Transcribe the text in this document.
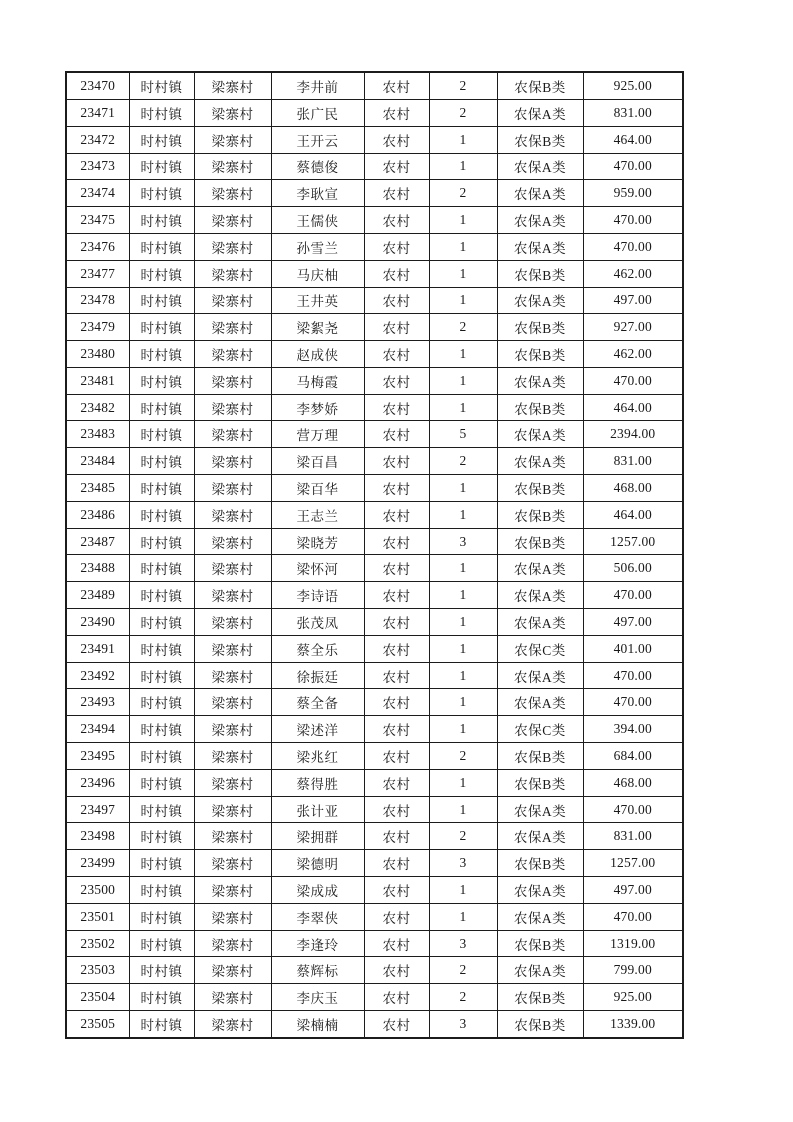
23470	时村镇	梁寨村	李井前	农村	2	农保B类	925.00
23471	时村镇	梁寨村	张广民	农村	2	农保A类	831.00
23472	时村镇	梁寨村	王开云	农村	1	农保B类	464.00
23473	时村镇	梁寨村	蔡德俊	农村	1	农保A类	470.00
23474	时村镇	梁寨村	李耿宣	农村	2	农保A类	959.00
23475	时村镇	梁寨村	王儒侠	农村	1	农保A类	470.00
23476	时村镇	梁寨村	孙雪兰	农村	1	农保A类	470.00
23477	时村镇	梁寨村	马庆柚	农村	1	农保B类	462.00
23478	时村镇	梁寨村	王井英	农村	1	农保A类	497.00
23479	时村镇	梁寨村	梁絮尧	农村	2	农保B类	927.00
23480	时村镇	梁寨村	赵成侠	农村	1	农保B类	462.00
23481	时村镇	梁寨村	马梅霞	农村	1	农保A类	470.00
23482	时村镇	梁寨村	李梦娇	农村	1	农保B类	464.00
23483	时村镇	梁寨村	营万理	农村	5	农保A类	2394.00
23484	时村镇	梁寨村	梁百昌	农村	2	农保A类	831.00
23485	时村镇	梁寨村	梁百华	农村	1	农保B类	468.00
23486	时村镇	梁寨村	王志兰	农村	1	农保B类	464.00
23487	时村镇	梁寨村	梁晓芳	农村	3	农保B类	1257.00
23488	时村镇	梁寨村	梁怀河	农村	1	农保A类	506.00
23489	时村镇	梁寨村	李诗语	农村	1	农保A类	470.00
23490	时村镇	梁寨村	张茂凤	农村	1	农保A类	497.00
23491	时村镇	梁寨村	蔡全乐	农村	1	农保C类	401.00
23492	时村镇	梁寨村	徐振廷	农村	1	农保A类	470.00
23493	时村镇	梁寨村	蔡全备	农村	1	农保A类	470.00
23494	时村镇	梁寨村	梁述洋	农村	1	农保C类	394.00
23495	时村镇	梁寨村	梁兆红	农村	2	农保B类	684.00
23496	时村镇	梁寨村	蔡得胜	农村	1	农保B类	468.00
23497	时村镇	梁寨村	张计亚	农村	1	农保A类	470.00
23498	时村镇	梁寨村	梁拥群	农村	2	农保A类	831.00
23499	时村镇	梁寨村	梁德明	农村	3	农保B类	1257.00
23500	时村镇	梁寨村	梁成成	农村	1	农保A类	497.00
23501	时村镇	梁寨村	李翠侠	农村	1	农保A类	470.00
23502	时村镇	梁寨村	李逢玲	农村	3	农保B类	1319.00
23503	时村镇	梁寨村	蔡辉标	农村	2	农保A类	799.00
23504	时村镇	梁寨村	李庆玉	农村	2	农保B类	925.00
23505	时村镇	梁寨村	梁楠楠	农村	3	农保B类	1339.00
